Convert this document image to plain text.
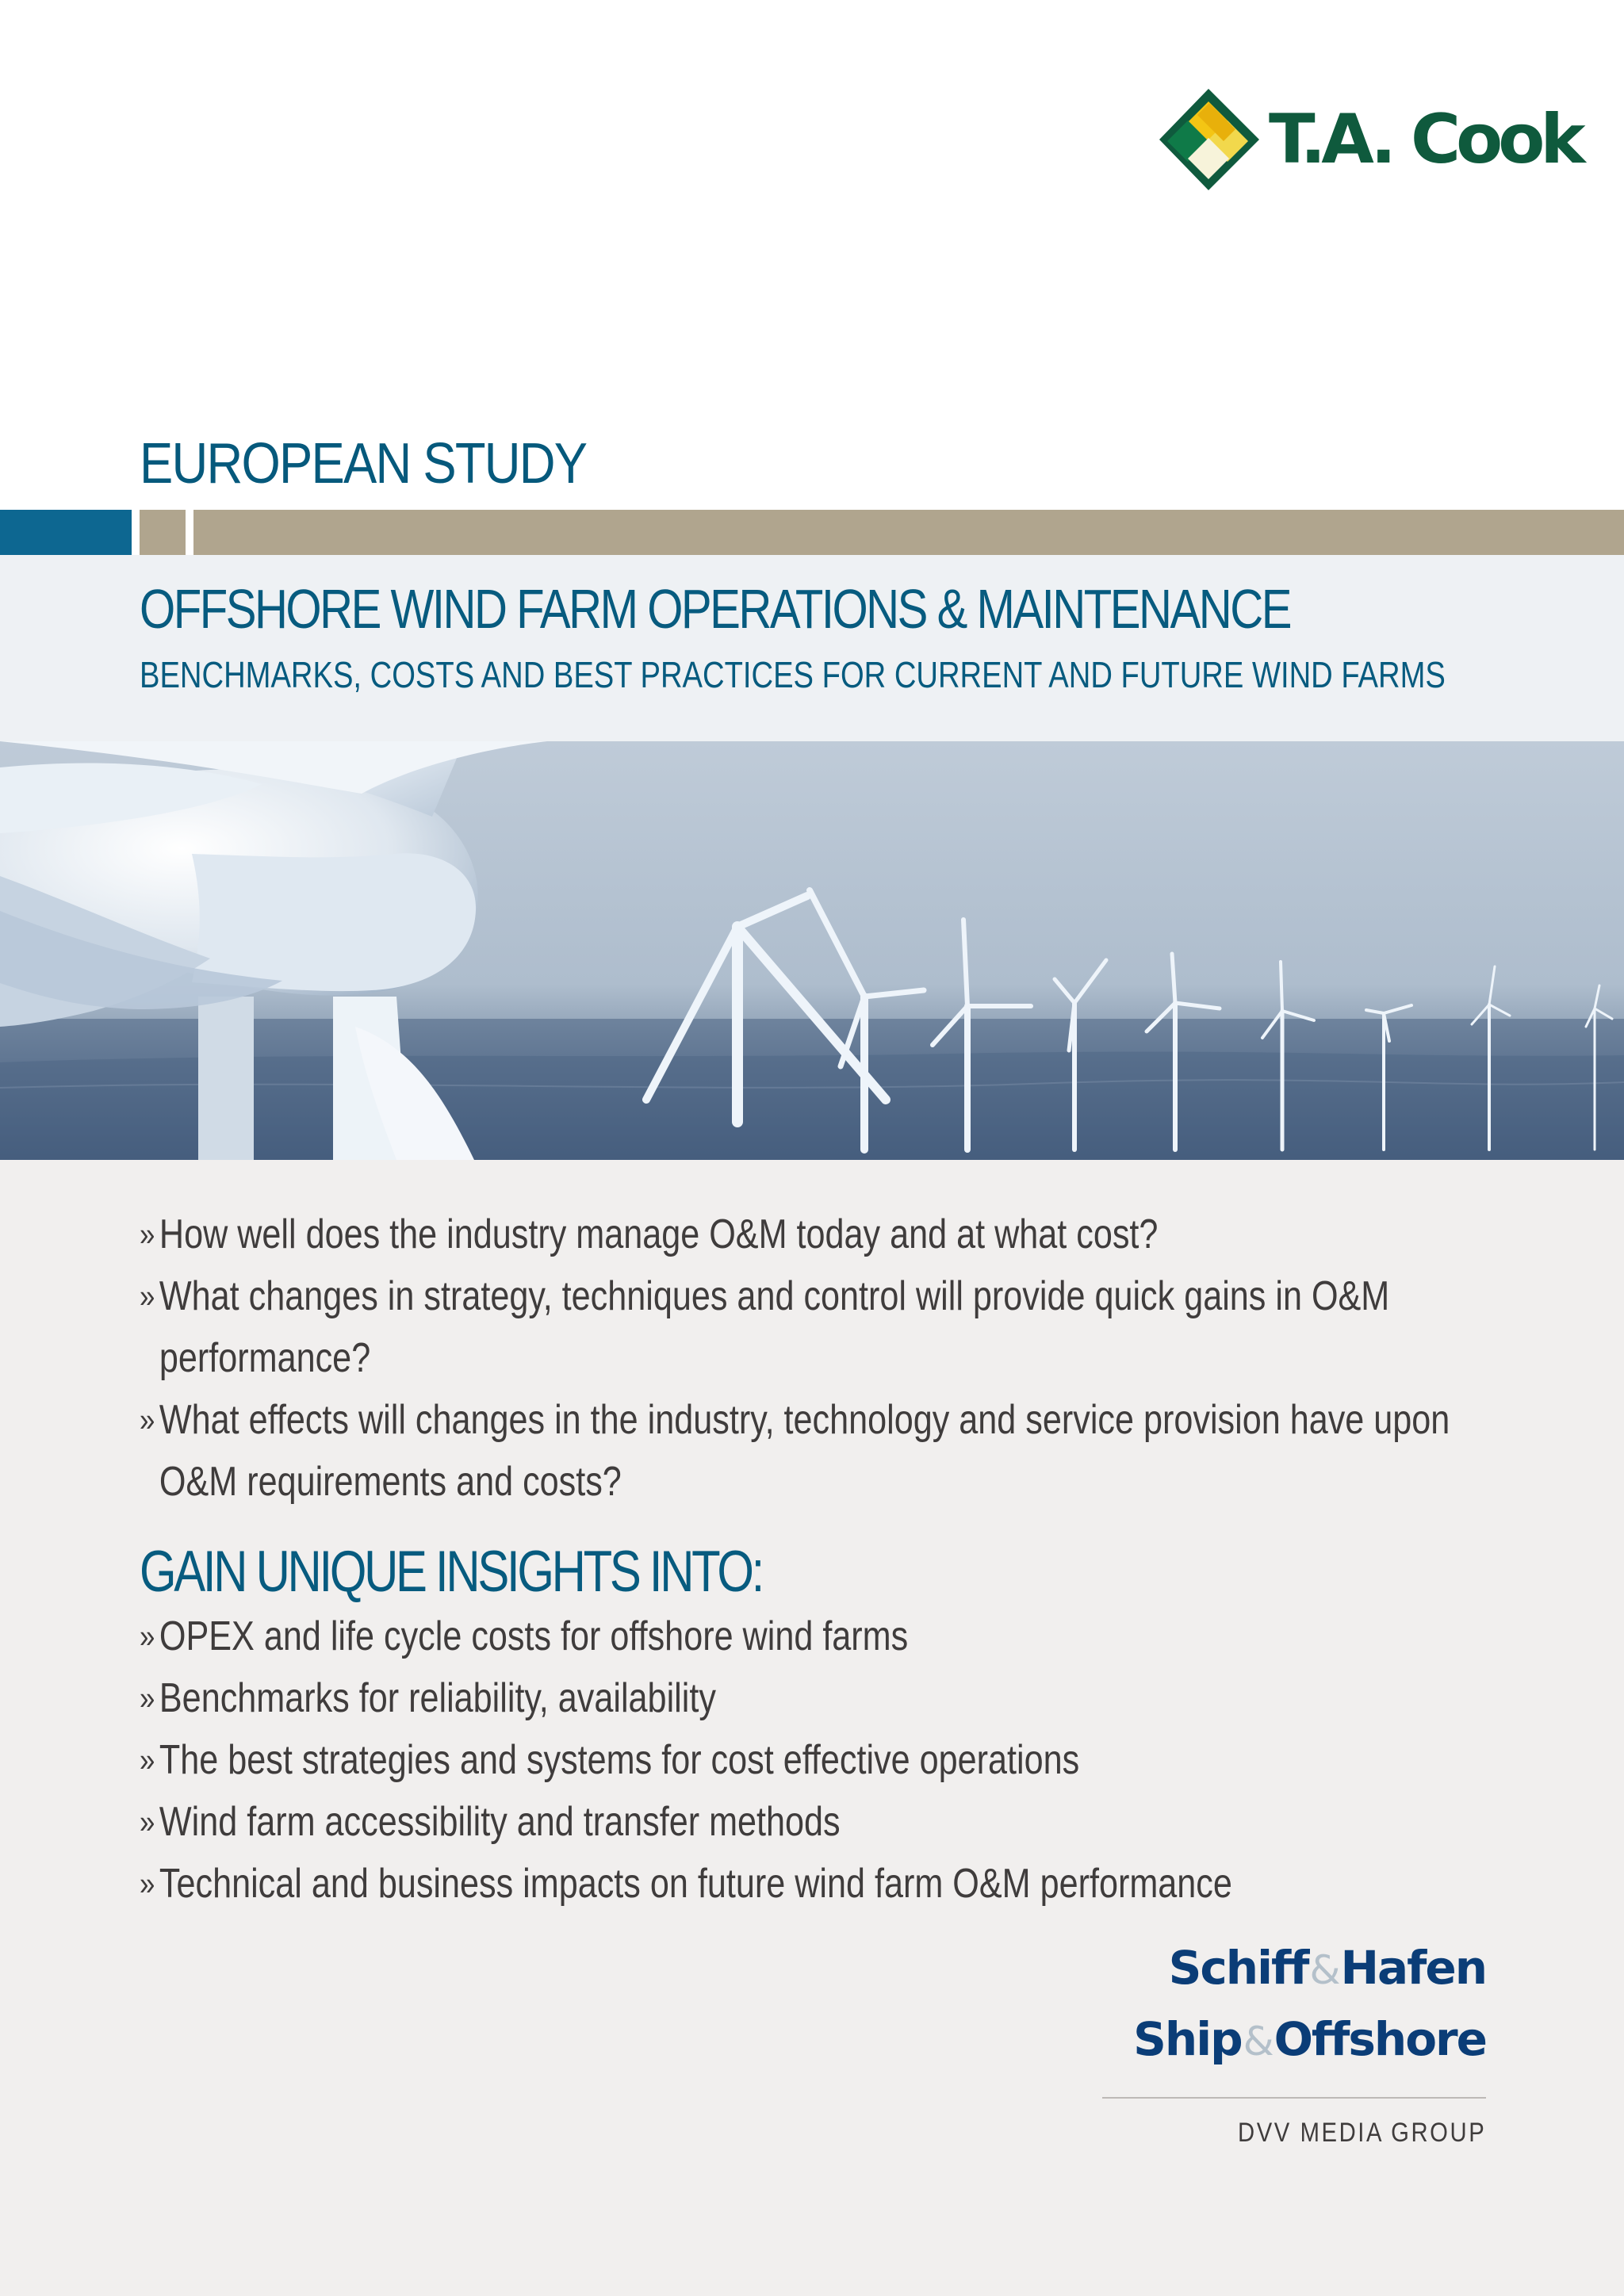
T.A. Cook
EUROPEAN STUDY
OFFSHORE WIND FARM OPERATIONS & MAINTENANCE
BENCHMARKS, COSTS AND BEST PRACTICES FOR CURRENT AND FUTURE WIND FARMS
» How well does the industry manage O&M today and at what cost?
» What changes in strategy, techniques and control will provide quick gains in O&M performance?
» What effects will changes in the industry, technology and service provision have upon O&M requirements and costs?
GAIN UNIQUE INSIGHTS INTO:
» OPEX and life cycle costs for offshore wind farms
» Benchmarks for reliability, availability
» The best strategies and systems for cost effective operations
» Wind farm accessibility and transfer methods
» Technical and business impacts on future wind farm O&M performance
Schiff&Hafen
Ship&Offshore
DVV MEDIA GROUP
